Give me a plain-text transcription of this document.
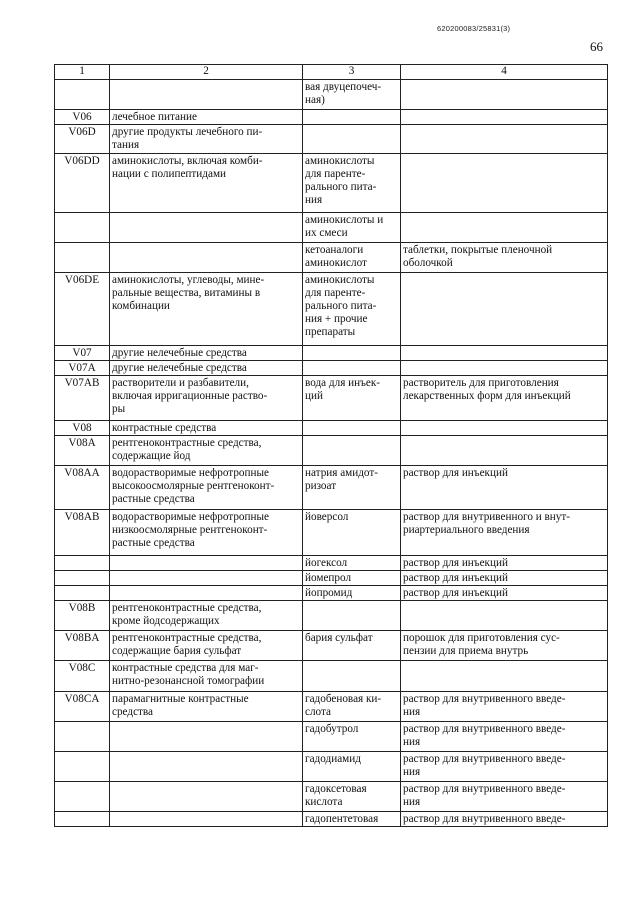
620200083/25831(3)
66
1	2	3	4
		вая двуцепочеч-
ная)	
V06	лечебное питание		
V06D	другие продукты лечебного пи-
тания		
V06DD	аминокислоты, включая комби-
нации с полипептидами	аминокислоты
для паренте-
рального пита-
ния	
		аминокислоты и
их смеси	
		кетоаналоги
аминокислот	таблетки, покрытые пленочной
оболочкой
V06DE	аминокислоты, углеводы, мине-
ральные вещества, витамины в
комбинации	аминокислоты
для паренте-
рального пита-
ния + прочие
препараты	
V07	другие нелечебные средства		
V07A	другие нелечебные средства		
V07AB	растворители и разбавители,
включая ирригационные раство-
ры	вода для инъек-
ций	растворитель для приготовления
лекарственных форм для инъекций
V08	контрастные средства		
V08A	рентгеноконтрастные средства,
содержащие йод		
V08AA	водорастворимые нефротропные
высокоосмолярные рентгеноконт-
растные средства	натрия амидот-
ризоат	раствор для инъекций
V08AB	водорастворимые нефротропные
низкоосмолярные рентгеноконт-
растные средства	йоверсол	раствор для внутривенного и внут-
риартериального введения
		йогексол	раствор для инъекций
		йомепрол	раствор для инъекций
		йопромид	раствор для инъекций
V08B	рентгеноконтрастные средства,
кроме йодсодержащих		
V08BA	рентгеноконтрастные средства,
содержащие бария сульфат	бария сульфат	порошок для приготовления сус-
пензии для приема внутрь
V08C	контрастные средства для маг-
нитно-резонансной томографии		
V08CA	парамагнитные контрастные
средства	гадобеновая ки-
слота	раствор для внутривенного введе-
ния
		гадобутрол	раствор для внутривенного введе-
ния
		гадодиамид	раствор для внутривенного введе-
ния
		гадоксетовая
кислота	раствор для внутривенного введе-
ния
		гадопентетовая	раствор для внутривенного введе-
